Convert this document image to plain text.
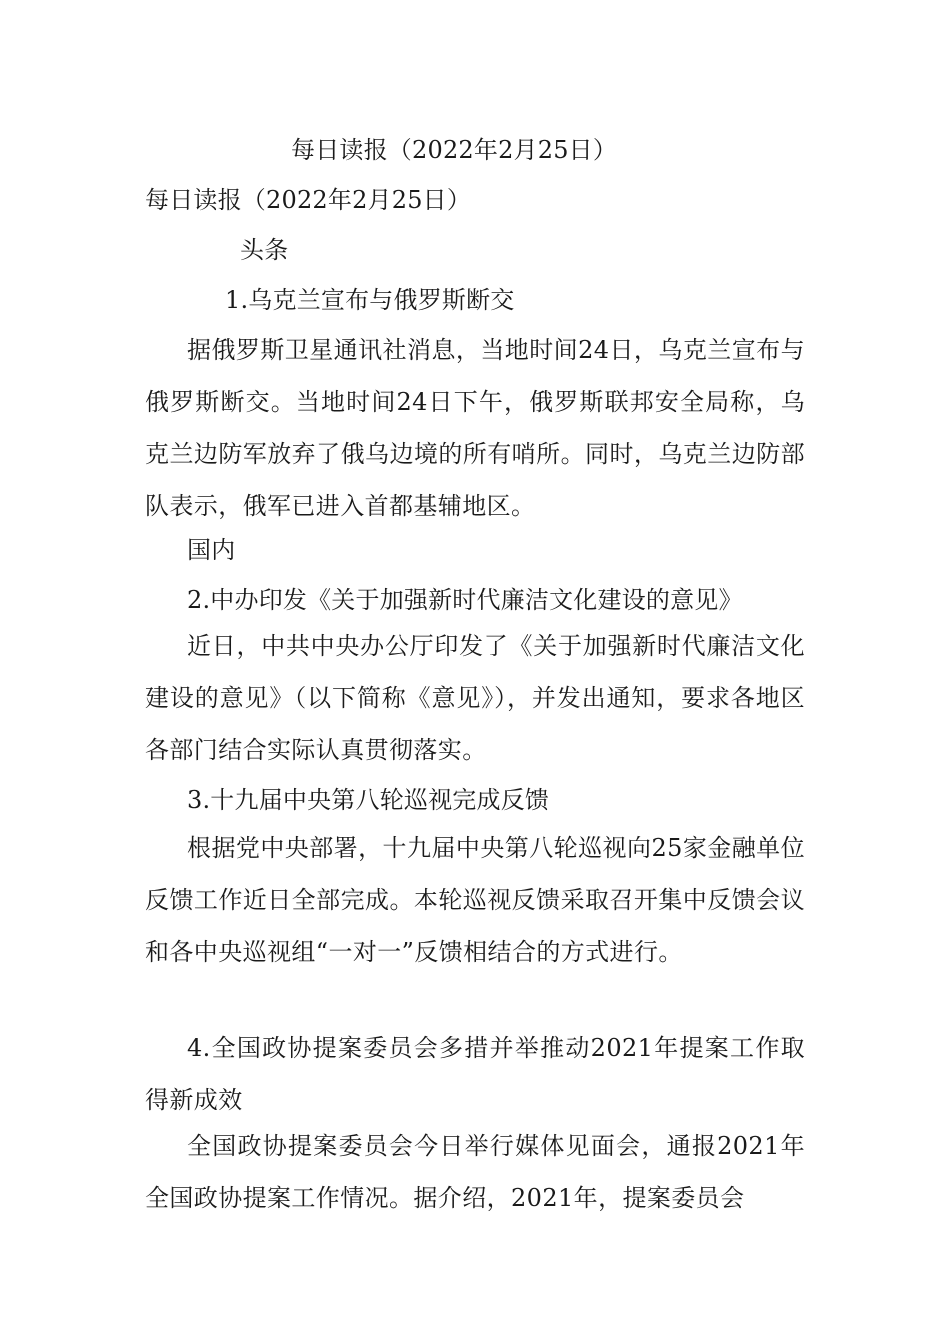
每日读报（2022年2月25日）
每日读报（2022年2月25日）
头条
1.乌克兰宣布与俄罗斯断交
据俄罗斯卫星通讯社消息，当地时间24日，乌克兰宣布与俄罗斯断交。当地时间24日下午，俄罗斯联邦安全局称，乌克兰边防军放弃了俄乌边境的所有哨所。同时，乌克兰边防部队表示，俄军已进入首都基辅地区。
国内
2.中办印发《关于加强新时代廉洁文化建设的意见》
近日，中共中央办公厅印发了《关于加强新时代廉洁文化建设的意见》（以下简称《意见》），并发出通知，要求各地区各部门结合实际认真贯彻落实。
3.十九届中央第八轮巡视完成反馈
根据党中央部署，十九届中央第八轮巡视向25家金融单位反馈工作近日全部完成。本轮巡视反馈采取召开集中反馈会议和各中央巡视组“一对一”反馈相结合的方式进行。
4.全国政协提案委员会多措并举推动2021年提案工作取得新成效
全国政协提案委员会今日举行媒体见面会，通报2021年全国政协提案工作情况。据介绍，2021年，提案委员会
